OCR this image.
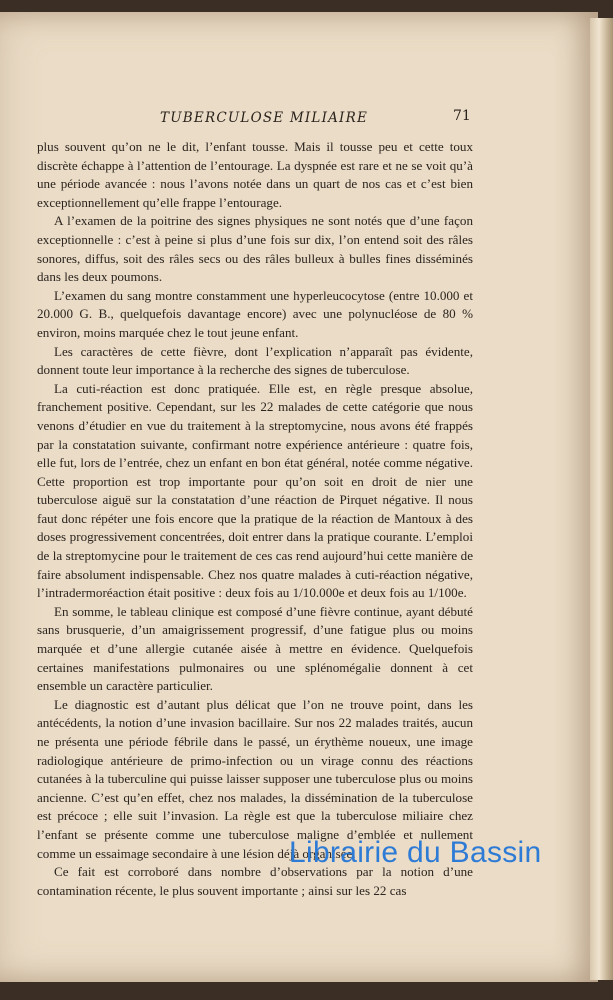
TUBERCULOSE MILIAIRE	71

plus souvent qu’on ne le dit, l’enfant tousse. Mais il tousse peu et cette toux discrète échappe à l’attention de l’entourage. La dyspnée est rare et ne se voit qu’à une période avancée : nous l’avons notée dans un quart de nos cas et c’est bien exceptionnellement qu’elle frappe l’entourage.

A l’examen de la poitrine des signes physiques ne sont notés que d’une façon exceptionnelle : c’est à peine si plus d’une fois sur dix, l’on entend soit des râles sonores, diffus, soit des râles secs ou des râles bulleux à bulles fines disséminés dans les deux poumons.

L’examen du sang montre constamment une hyperleucocytose (entre 10.000 et 20.000 G. B., quelquefois davantage encore) avec une polynucléose de 80 % environ, moins marquée chez le tout jeune enfant.

Les caractères de cette fièvre, dont l’explication n’apparaît pas évidente, donnent toute leur importance à la recherche des signes de tuberculose.

La cuti-réaction est donc pratiquée. Elle est, en règle presque absolue, franchement positive. Cependant, sur les 22 malades de cette catégorie que nous venons d’étudier en vue du traitement à la streptomycine, nous avons été frappés par la constatation suivante, confirmant notre expérience antérieure : quatre fois, elle fut, lors de l’entrée, chez un enfant en bon état général, notée comme négative. Cette proportion est trop importante pour qu’on soit en droit de nier une tuberculose aiguë sur la constatation d’une réaction de Pirquet négative. Il nous faut donc répéter une fois encore que la pratique de la réaction de Mantoux à des doses progressivement concentrées, doit entrer dans la pratique courante. L’emploi de la streptomycine pour le traitement de ces cas rend aujourd’hui cette manière de faire absolument indispensable. Chez nos quatre malades à cuti-réaction négative, l’intradermoréaction était positive : deux fois au 1/10.000e et deux fois au 1/100e.

En somme, le tableau clinique est composé d’une fièvre continue, ayant débuté sans brusquerie, d’un amaigrissement progressif, d’une fatigue plus ou moins marquée et d’une allergie cutanée aisée à mettre en évidence. Quelquefois certaines manifestations pulmonaires ou une splénomégalie donnent à cet ensemble un caractère particulier.

Le diagnostic est d’autant plus délicat que l’on ne trouve point, dans les antécédents, la notion d’une invasion bacillaire. Sur nos 22 malades traités, aucun ne présenta une période fébrile dans le passé, un érythème noueux, une image radiologique antérieure de primo-infection ou un virage connu des réactions cutanées à la tuberculine qui puisse laisser supposer une tuberculose plus ou moins ancienne. C’est qu’en effet, chez nos malades, la dissémination de la tuberculose est précoce ; elle suit l’invasion. La règle est que la tuberculose miliaire chez l’enfant se présente comme une tuberculose maligne d’emblée et nullement comme un essaimage secondaire à une lésion déjà organisée.

Ce fait est corroboré dans nombre d’observations par la notion d’une contamination récente, le plus souvent importante ; ainsi sur les 22 cas

Librairie du Bassin
